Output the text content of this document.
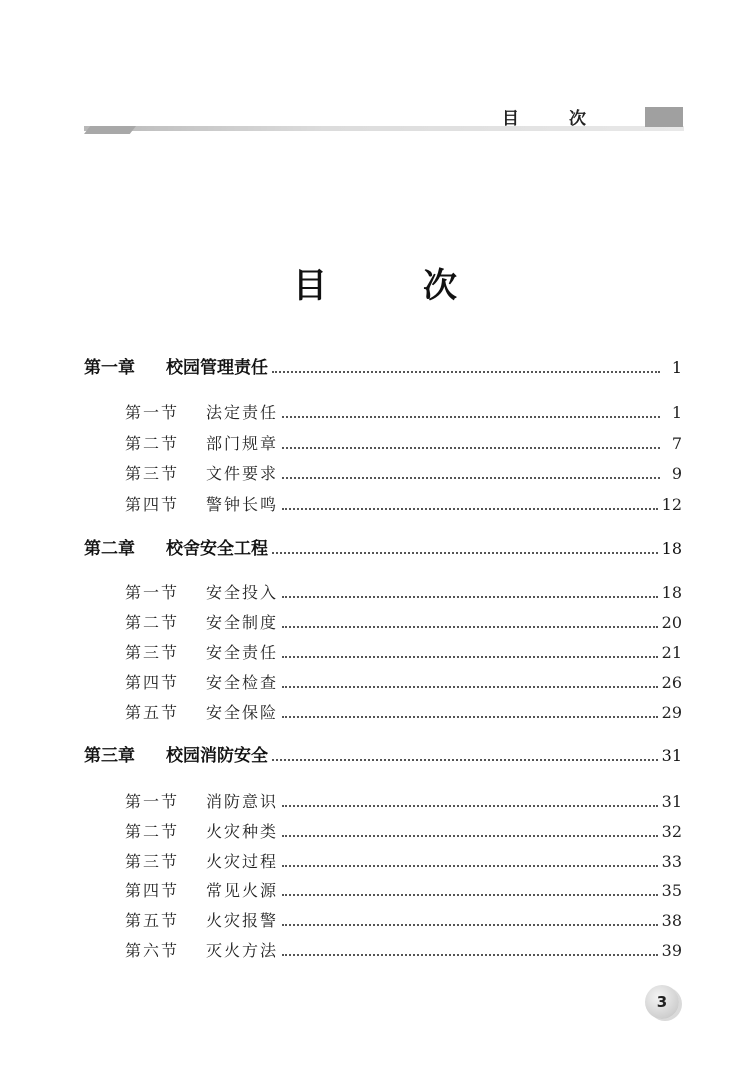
目次
目次
第一章	校园管理责任	1
第一节	法定责任	1
第二节	部门规章	7
第三节	文件要求	9
第四节	警钟长鸣	12
第二章	校舍安全工程	18
第一节	安全投入	18
第二节	安全制度	20
第三节	安全责任	21
第四节	安全检查	26
第五节	安全保险	29
第三章	校园消防安全	31
第一节	消防意识	31
第二节	火灾种类	32
第三节	火灾过程	33
第四节	常见火源	35
第五节	火灾报警	38
第六节	灭火方法	39
3
